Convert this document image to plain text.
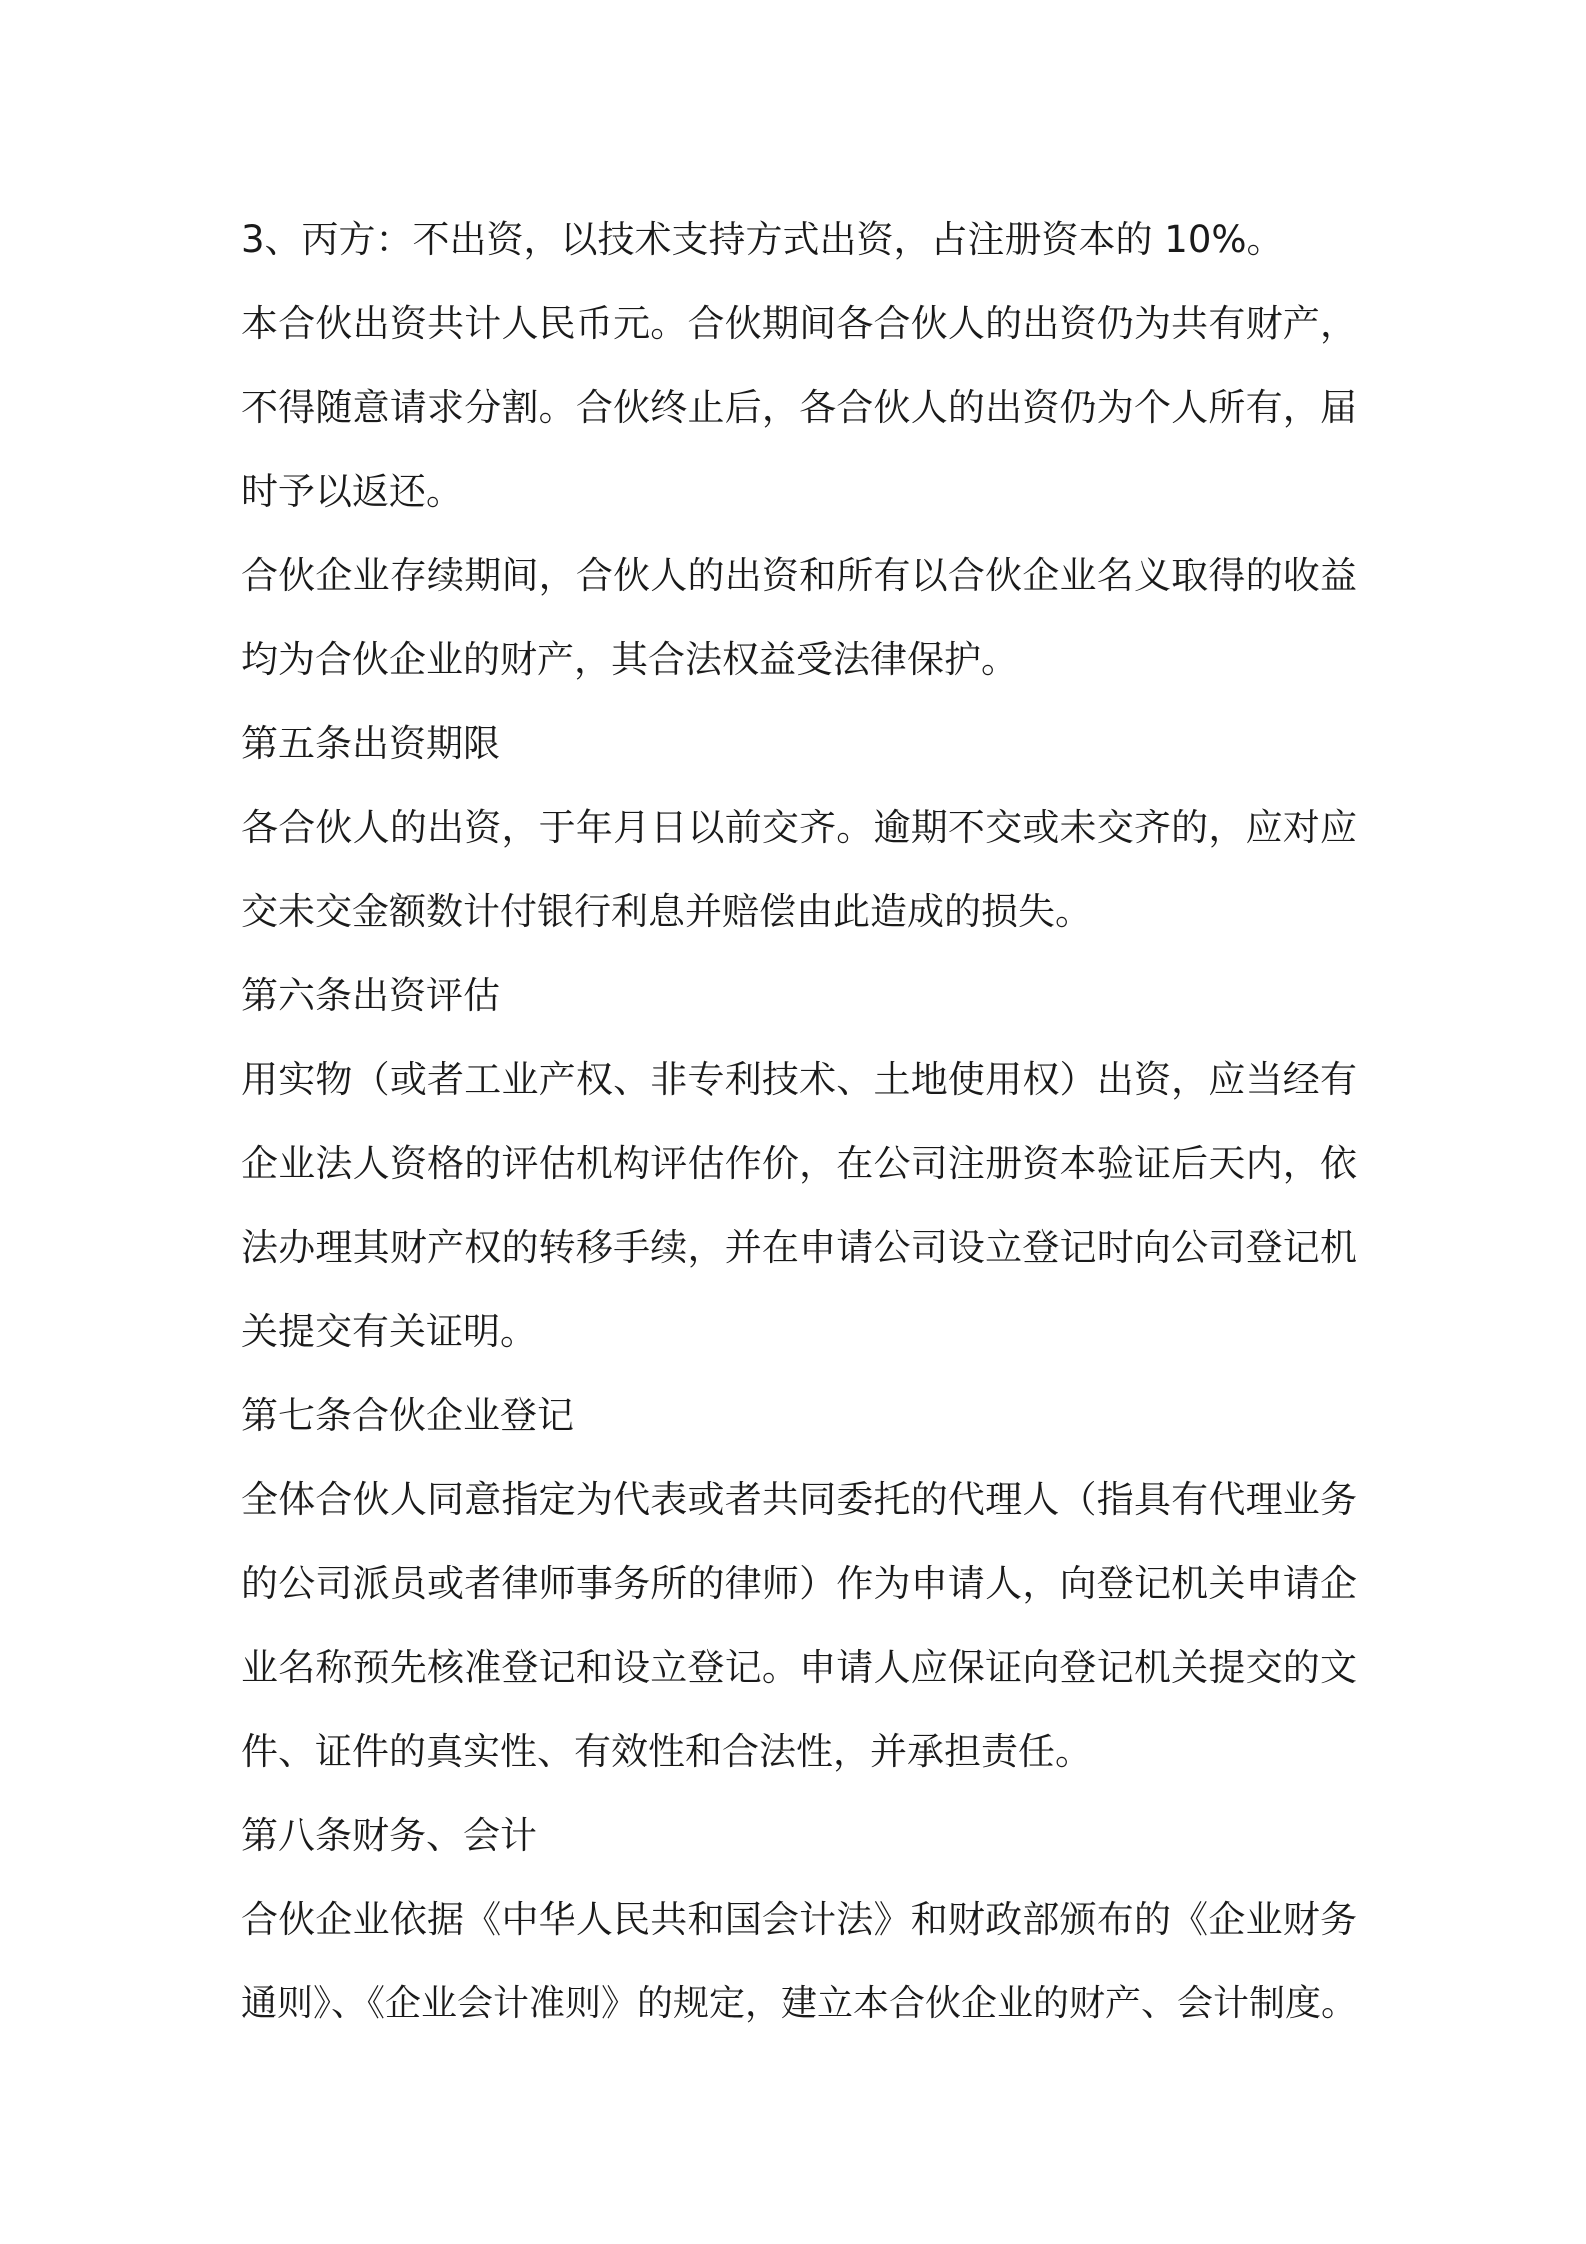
3、丙方：不出资，以技术支持方式出资，占注册资本的 10%。
本合伙出资共计人民币元。合伙期间各合伙人的出资仍为共有财产，
不得随意请求分割。合伙终止后，各合伙人的出资仍为个人所有，届
时予以返还。
合伙企业存续期间，合伙人的出资和所有以合伙企业名义取得的收益
均为合伙企业的财产，其合法权益受法律保护。
第五条出资期限
各合伙人的出资，于年月日以前交齐。逾期不交或未交齐的，应对应
交未交金额数计付银行利息并赔偿由此造成的损失。
第六条出资评估
用实物（或者工业产权、非专利技术、土地使用权）出资，应当经有
企业法人资格的评估机构评估作价，在公司注册资本验证后天内，依
法办理其财产权的转移手续，并在申请公司设立登记时向公司登记机
关提交有关证明。
第七条合伙企业登记
全体合伙人同意指定为代表或者共同委托的代理人（指具有代理业务
的公司派员或者律师事务所的律师）作为申请人，向登记机关申请企
业名称预先核准登记和设立登记。申请人应保证向登记机关提交的文
件、证件的真实性、有效性和合法性，并承担责任。
第八条财务、会计
合伙企业依据《中华人民共和国会计法》和财政部颁布的《企业财务
通则》、《企业会计准则》的规定，建立本合伙企业的财产、会计制度。
